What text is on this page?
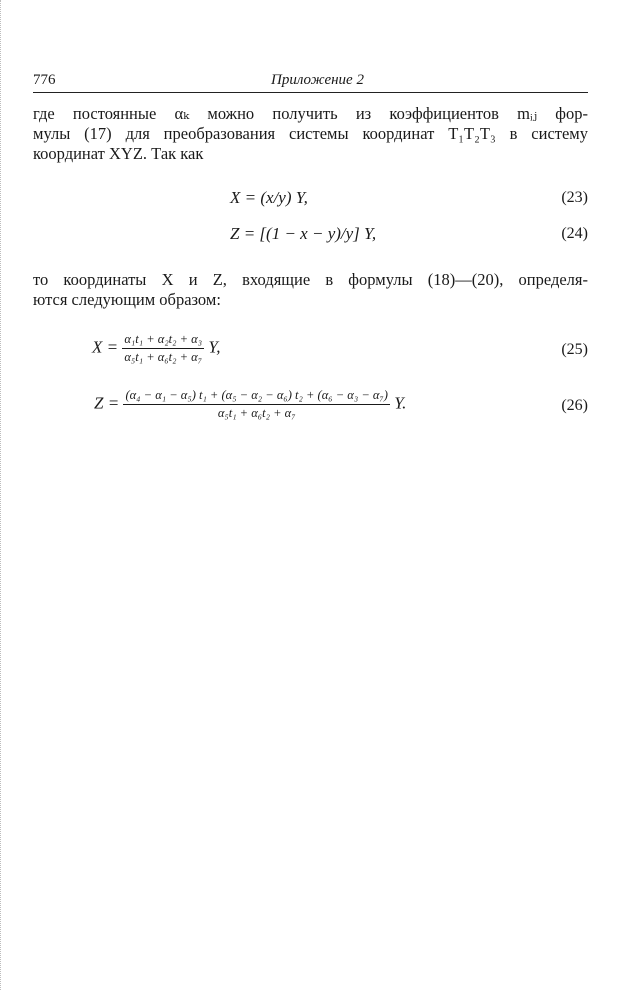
776	Приложение 2
где постоянные αₖ можно получить из коэффициентов mᵢⱼ фор-
мулы (17) для преобразования системы координат T₁T₂T₃ в систему
координат XYZ. Так как
X = (x/y) Y,	(23)
Z = [(1 − x − y)/y] Y,	(24)
то координаты X и Z, входящие в формулы (18)—(20), определя-
ются следующим образом:
$X = \frac{\text{α₁t₁ + α₂t₂ + α₃}}{\text{α₅t₁ + α₆t₂ + α₇}} Y$,	(25)
$Z = \frac{\text{(α₄ − α₁ − α₅) t₁ + (α₅ − α₂ − α₆) t₂ + (α₆ − α₃ − α₇)}}{\text{α₅t₁ + α₆t₂ + α₇}} Y$.	(26)
